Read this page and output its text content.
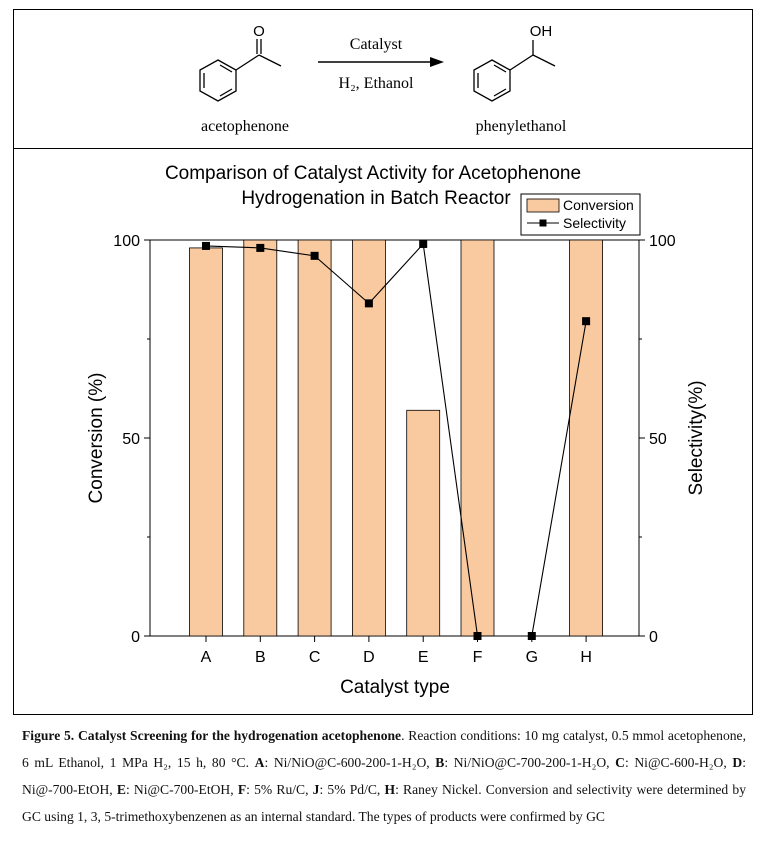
O
acetophenone
Catalyst
H₂, Ethanol
OH
phenylethanol
Comparison of Catalyst Activity for Acetophenone
Hydrogenation in Batch Reactor
0	0
50	50
100	100
A	B	C	D	E	F	G	H
Conversion (%)	Selectivity(%)
Catalyst type
Conversion
Selectivity
Figure 5. Catalyst Screening for the hydrogenation acetophenone. Reaction conditions: 10 mg catalyst, 0.5 mmol acetophenone, 6 mL Ethanol, 1 MPa H₂, 15 h, 80 °C. A: Ni/NiO@C-600-200-1-H₂O, B: Ni/NiO@C-700-200-1-H₂O, C: Ni@C-600-H₂O, D: Ni@-700-EtOH, E: Ni@C-700-EtOH, F: 5% Ru/C, J: 5% Pd/C, H: Raney Nickel. Conversion and selectivity were determined by GC using 1, 3, 5-trimethoxybenzenen as an internal standard. The types of products were confirmed by GC
